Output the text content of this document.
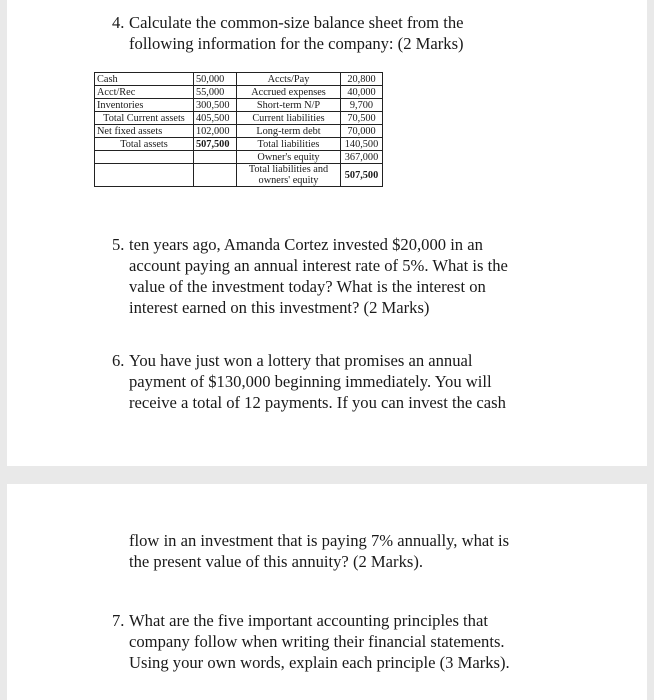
4. Calculate the common-size balance sheet from the
following information for the company: (2 Marks)
Cash	50,000	Accts/Pay	20,800
Acct/Rec	55,000	Accrued expenses	40,000
Inventories	300,500	Short-term N/P	9,700
Total Current assets	405,500	Current liabilities	70,500
Net fixed assets	102,000	Long-term debt	70,000
Total assets	507,500	Total liabilities	140,500
		Owner's equity	367,000
		Total liabilities and owners' equity	507,500
5. ten years ago, Amanda Cortez invested $20,000 in an
account paying an annual interest rate of 5%. What is the
value of the investment today? What is the interest on
interest earned on this investment? (2 Marks)
6. You have just won a lottery that promises an annual
payment of $130,000 beginning immediately. You will
receive a total of 12 payments. If you can invest the cash
flow in an investment that is paying 7% annually, what is
the present value of this annuity? (2 Marks).
7. What are the five important accounting principles that
company follow when writing their financial statements.
Using your own words, explain each principle (3 Marks).
